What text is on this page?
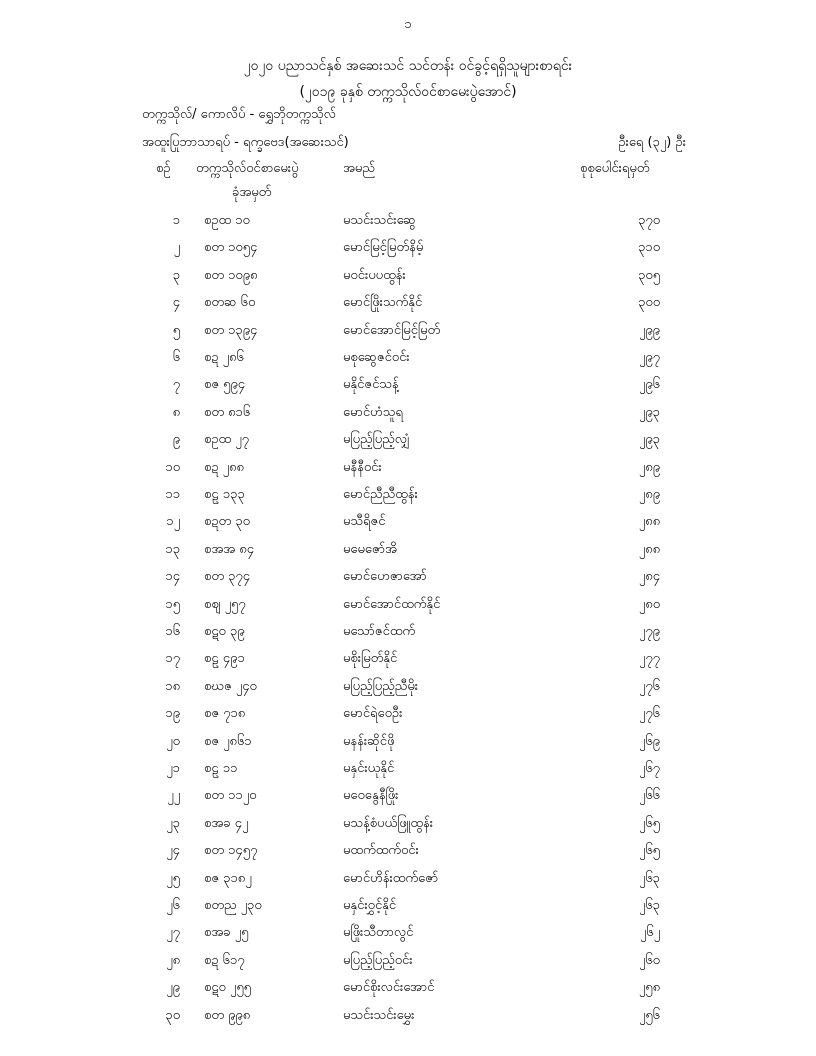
၁
၂၀၂၀ ပညာသင်နှစ် အဆေးသင် သင်တန်း ဝင်ခွင့်ရရှိသူများစာရင်း
(၂၀၁၉ ခုနှစ် တက္ကသိုလ်ဝင်စာမေးပွဲအောင်)
တက္ကသိုလ်/ ကောလိပ် - ရွှေဘိုတက္ကသိုလ်
အထူးပြုဘာသာရပ် - ရက္ခဗေဒ(အဆေးသင်)	ဦးရေ (၃၂) ဦး
စဉ် တက္ကသိုလ်ဝင်စာမေးပွဲ
ခုံအမှတ်
အမည်	စုစုပေါင်းရမှတ်
၁ စဥထ ၁၀	မသင်းသင်းဆွေ	၃၇၀
၂ စတ ၁၀၅၄	မောင်မြင့်မြတ်နိမ့်	၃၁၀
၃ စတ ၁၀၉၈	မဝင်းပပထွန်း	၃၀၅
၄ စတဆ ၆၀	မောင်ဖြိုးသက်နိုင်	၃၀၀
၅ စတ ၁၃၉၄	မောင်အောင်မြင့်မြတ်	၂၉၉
၆ စဍ ၂၈၆	မစုဆွေဇင်ဝင်း	၂၉၇
၇ စဇ ၅၉၄	မနိုင်ဇင်သန့်	၂၉၆
၈ စတ ၈၁၆	မောင်ဟံသူရ	၂၉၃
၉ စဥထ ၂၇	မပြည့်ပြည့်လျှံ	၂၉၃
၁၀ စဍ ၂၈၈	မနီနီဝင်း	၂၈၉
၁၁ စဠ ၁၃၃	မောင်ညီညီထွန်း	၂၈၉
၁၂ စဍတ ၃၀	မသီရိဇင်	၂၈၈
၁၃ စအအ ၈၄	မမေဇော်အိ	၂၈၈
၁၄ စတ ၃၇၄	မောင်ဟေဇာအော်	၂၈၄
၁၅ စဈ ၂၅၇	မောင်အောင်ထက်နိုင်	၂၈၀
၁၆ စဋဝ ၃၉	မသော်ဇင်ထက်	၂၇၉
၁၇ စဠ ၄၉၁	မစိုးမြတ်နိုင်	၂၇၇
၁၈ စဃဇ ၂၄၀	မပြည့်ပြည့်ညီမိုး	၂၇၆
၁၉ စဇ ၇၁၈	မောင်ရဲဝေဦး	၂၇၆
၂၀ စဇ ၂၈၆၁	မနန်းဆိုင်ဖို	၂၆၉
၂၁ စဠ ၁၁	မနှင်းယုနိုင်	၂၆၇
၂၂ စတ ၁၁၂၀	မဝေနွေနီဖြိုး	၂၆၆
၂၃ စအခ ၄၂	မသန့်စံပယ်ဖြူထွန်း	၂၆၅
၂၄ စတ ၁၄၅၇	မထက်ထက်ဝင်း	၂၆၅
၂၅ စဇ ၃၁၈၂	မောင်ဟိန်းထက်ဇော်	၂၆၃
၂၆ စတည ၂၃၀	မနှင်းဝွှင့်နိုင်	၂၆၃
၂၇ စအခ ၂၅	မဖြိုးသီတာလွင်	၂၆၂
၂၈ စဍ ၆၁၇	မပြည့်ပြည့်ဝင်း	၂၆၀
၂၉ စဋဝ ၂၅၅	မောင်စိုးလင်းအောင်	၂၅၈
၃၀ စတ ၉၉၈	မသင်းသင်းမွှေး	၂၅၆
